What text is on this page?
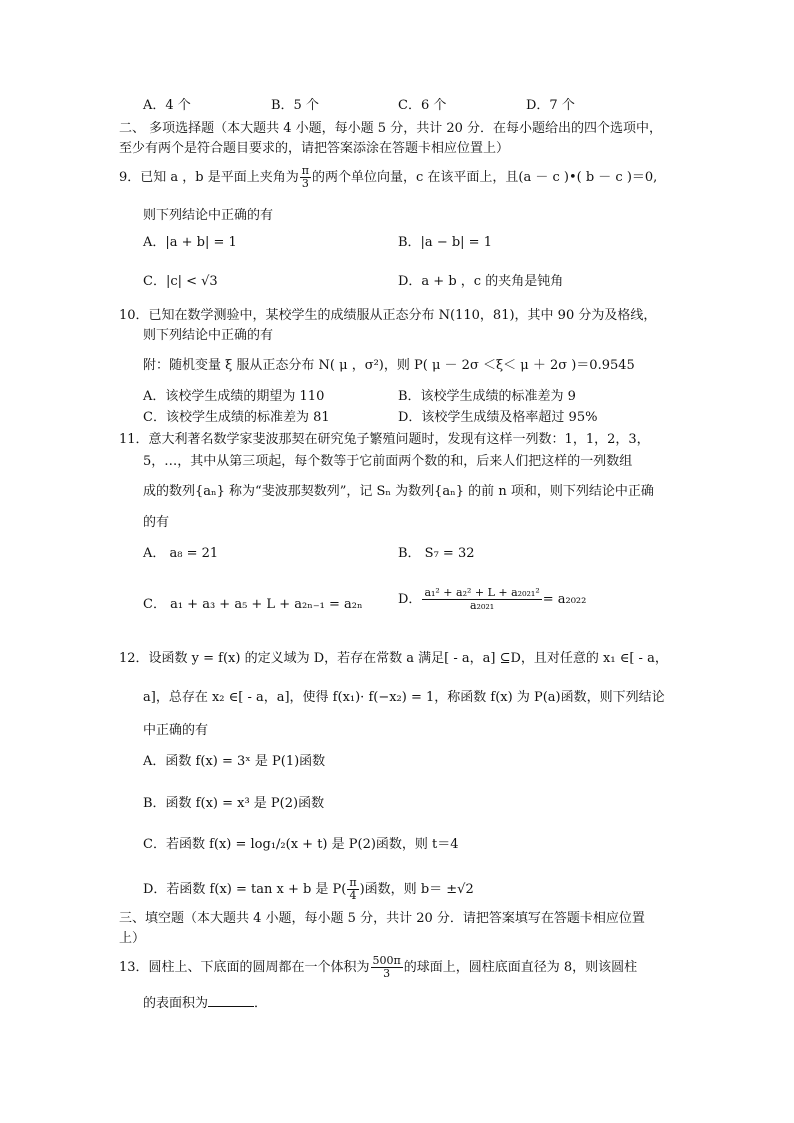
A．4 个	B．5 个	C．6 个	D．7 个
二、 多项选择题（本大题共 4 小题，每小题 5 分，共计 20 分．在每小题给出的四个选项中，
至少有两个是符合题目要求的，请把答案添涂在答题卡相应位置上）
9．已知 a ，b 是平面上夹角为 $\frac{\pi}{3}$ 的两个单位向量，c 在该平面上，且(a － c )•( b － c )＝0,
则下列结论中正确的有
A．|a + b| = 1	B．|a − b| = 1
C．|c| < √3	D．a + b ，c 的夹角是钝角
10．已知在数学测验中，某校学生的成绩服从正态分布 N(110，81)，其中 90 分为及格线，
则下列结论中正确的有
附：随机变量 ξ 服从正态分布 N( μ ，σ²)，则 P( μ － 2σ ＜ξ＜ μ ＋ 2σ )＝0.9545
A．该校学生成绩的期望为 110	B．该校学生成绩的标准差为 9
C．该校学生成绩的标准差为 81	D．该校学生成绩及格率超过 95%
11．意大利著名数学家斐波那契在研究兔子繁殖问题时，发现有这样一列数：1，1，2，3，
5，…，其中从第三项起，每个数等于它前面两个数的和，后来人们把这样的一列数组
成的数列{aₙ} 称为“斐波那契数列”，记 Sₙ 为数列{aₙ} 的前 n 项和，则下列结论中正确
的有
A． a₈ = 21	B． S₇ = 32
C． a₁ + a₃ + a₅ + L + a₂ₙ₋₁ = a₂ₙ	D． $\frac{\text{a₁² + a₂² + L + a₂₀₂₁²}}{\text{a₂₀₂₁}} = a_{2022}$
12．设函数 y = f(x) 的定义域为 D，若存在常数 a 满足[ - a，a] ⊆D，且对任意的 x₁ ∈[ - a，
a]，总存在 x₂ ∈[ - a，a]，使得 f(x₁)· f(−x₂) = 1，称函数 f(x) 为 P(a)函数，则下列结论
中正确的有
A．函数 f(x) = 3ˣ 是 P(1)函数
B．函数 f(x) = x³ 是 P(2)函数
C．若函数 f(x) = log₁/₂(x + t) 是 P(2)函数，则 t＝4
D．若函数 f(x) = tan x + b 是 $P( \frac{\pi}{4}$ )函数，则 b＝ ±√2
三、填空题（本大题共 4 小题，每小题 5 分，共计 20 分．请把答案填写在答题卡相应位置
上）
13．圆柱上、下底面的圆周都在一个体积为 $\frac{500\pi}{3}$ 的球面上，圆柱底面直径为 8，则该圆柱
的表面积为	．
